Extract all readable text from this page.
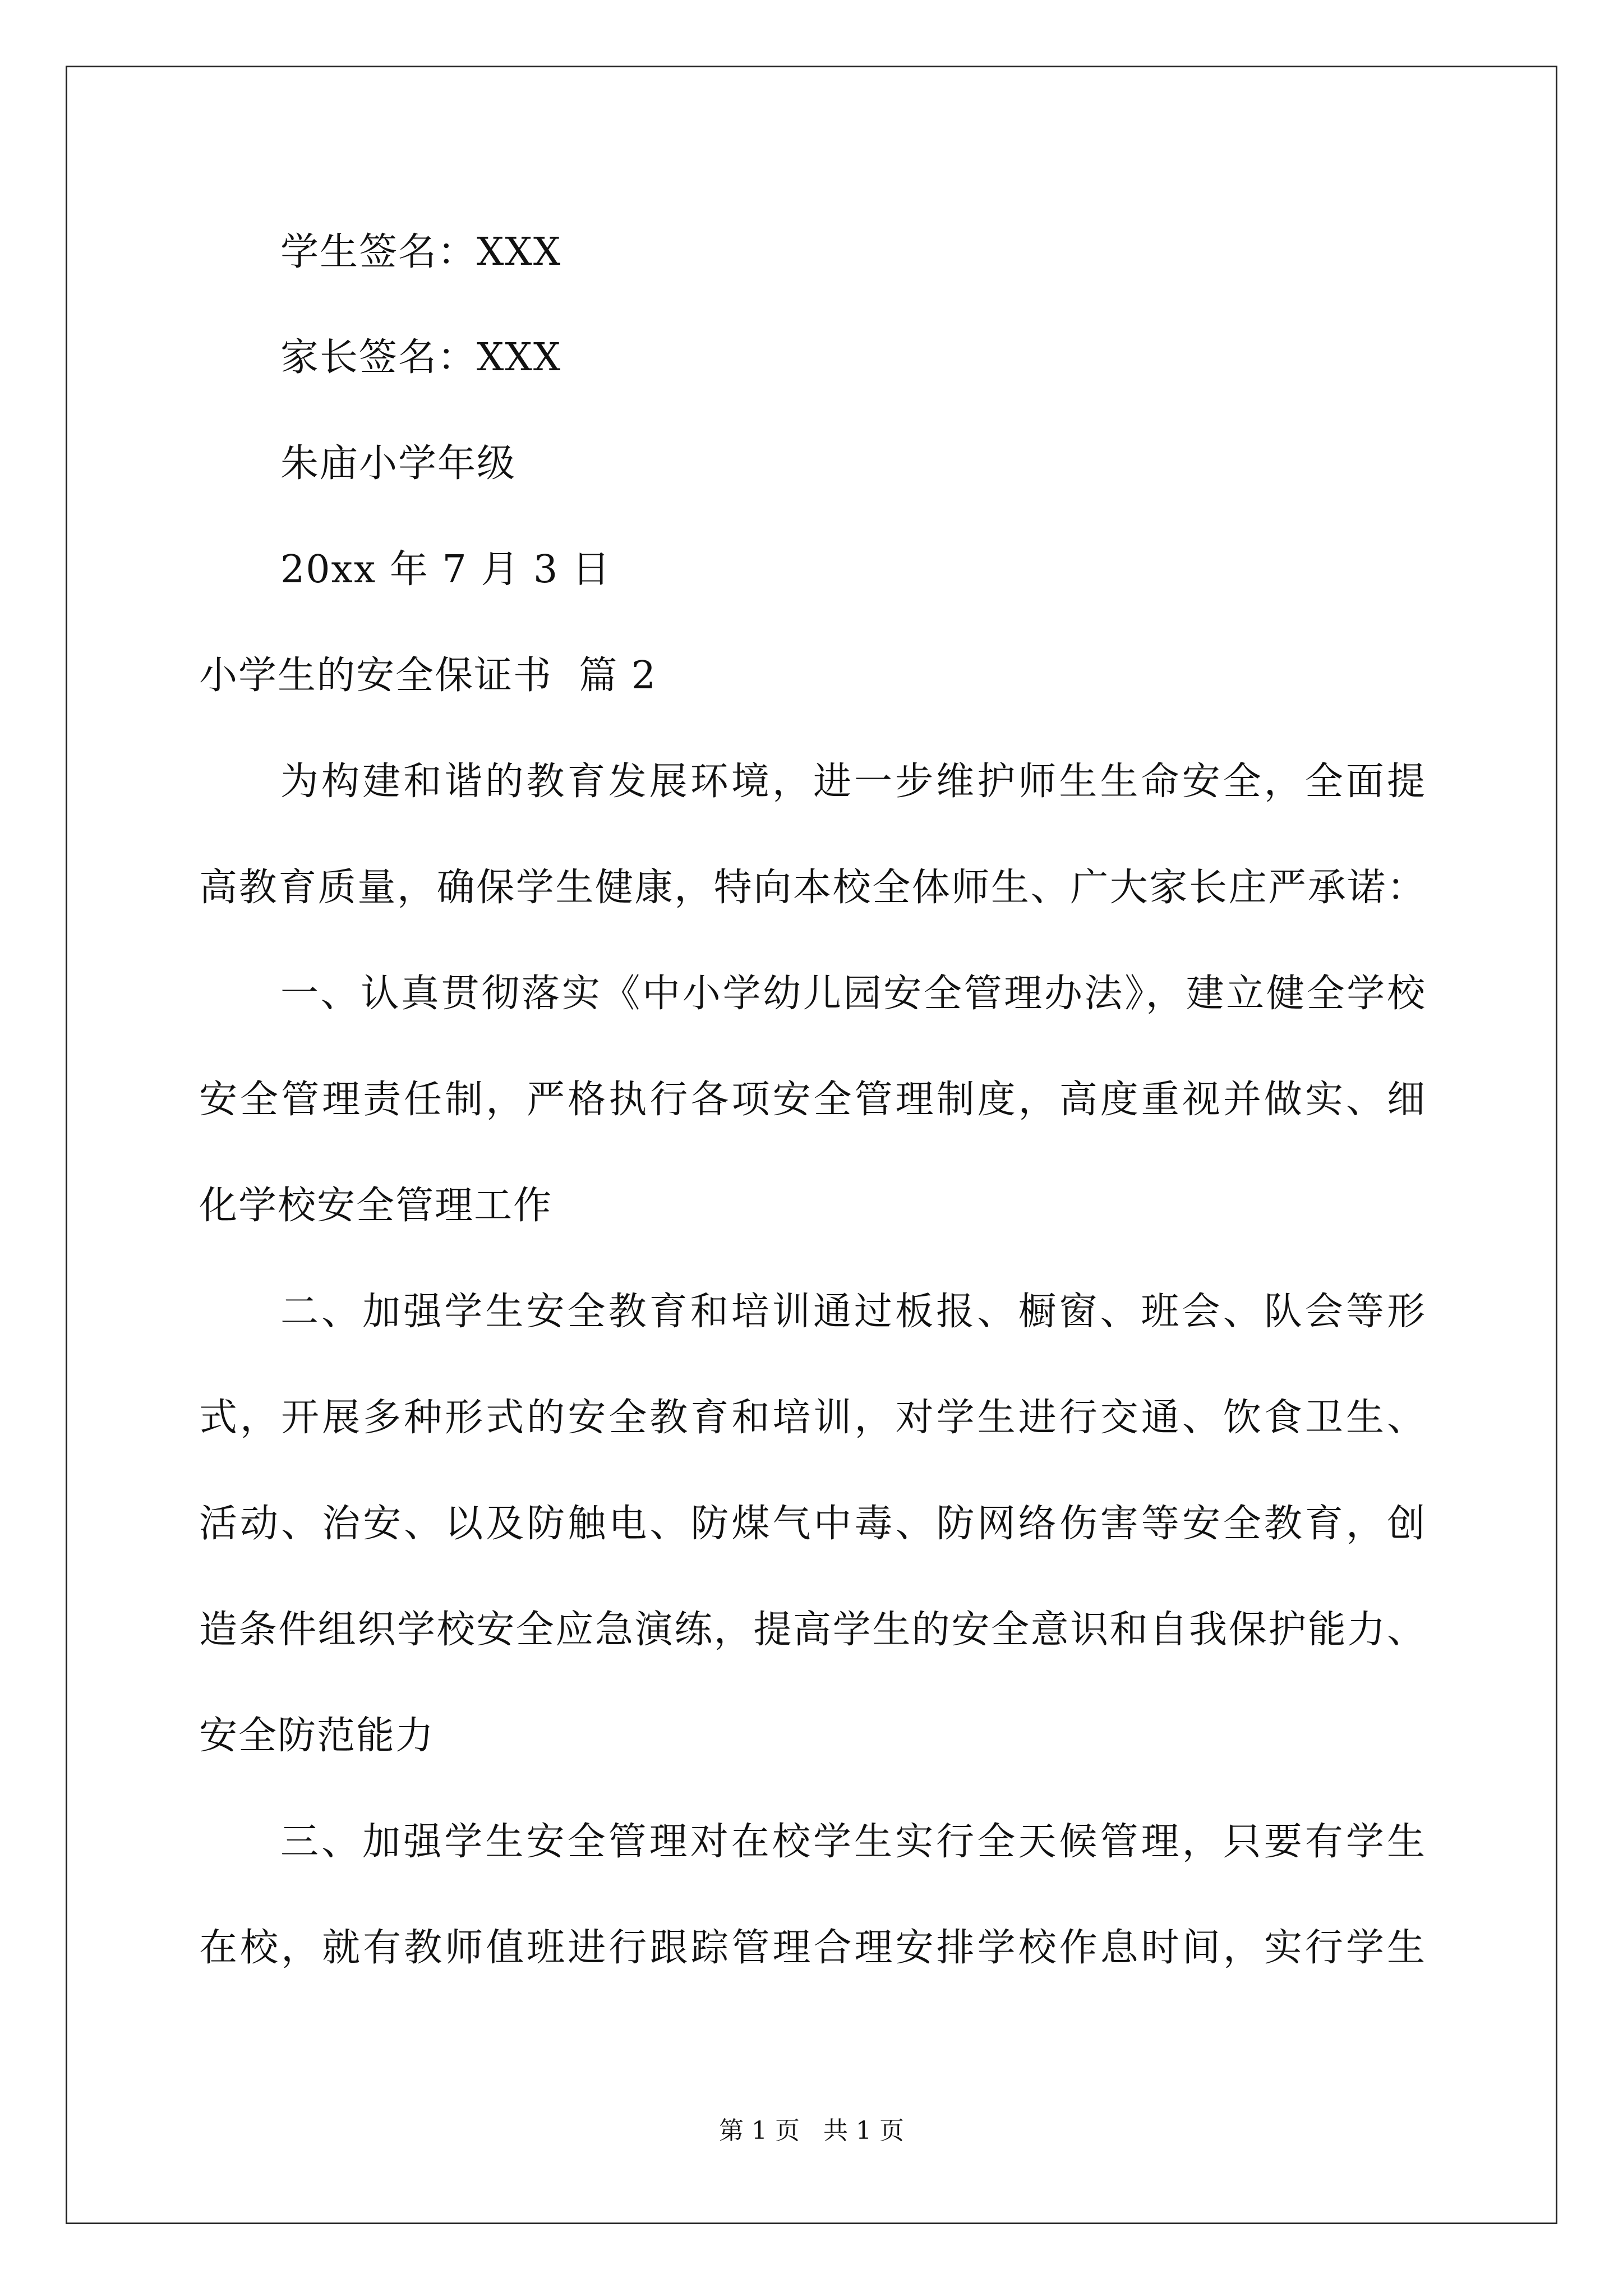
学生签名：XXX
家长签名：XXX
朱庙小学年级
20xx 年 7 月 3 日
小学生的安全保证书  篇 2
为构建和谐的教育发展环境，进一步维护师生生命安全，全面提
高教育质量，确保学生健康，特向本校全体师生、广大家长庄严承诺：
一、认真贯彻落实《中小学幼儿园安全管理办法》，建立健全学校
安全管理责任制，严格执行各项安全管理制度，高度重视并做实、细
化学校安全管理工作
二、加强学生安全教育和培训通过板报、橱窗、班会、队会等形
式，开展多种形式的安全教育和培训，对学生进行交通、饮食卫生、
活动、治安、以及防触电、防煤气中毒、防网络伤害等安全教育，创
造条件组织学校安全应急演练，提高学生的安全意识和自我保护能力、
安全防范能力
三、加强学生安全管理对在校学生实行全天候管理，只要有学生
在校，就有教师值班进行跟踪管理合理安排学校作息时间，实行学生
第 1 页   共 1 页
